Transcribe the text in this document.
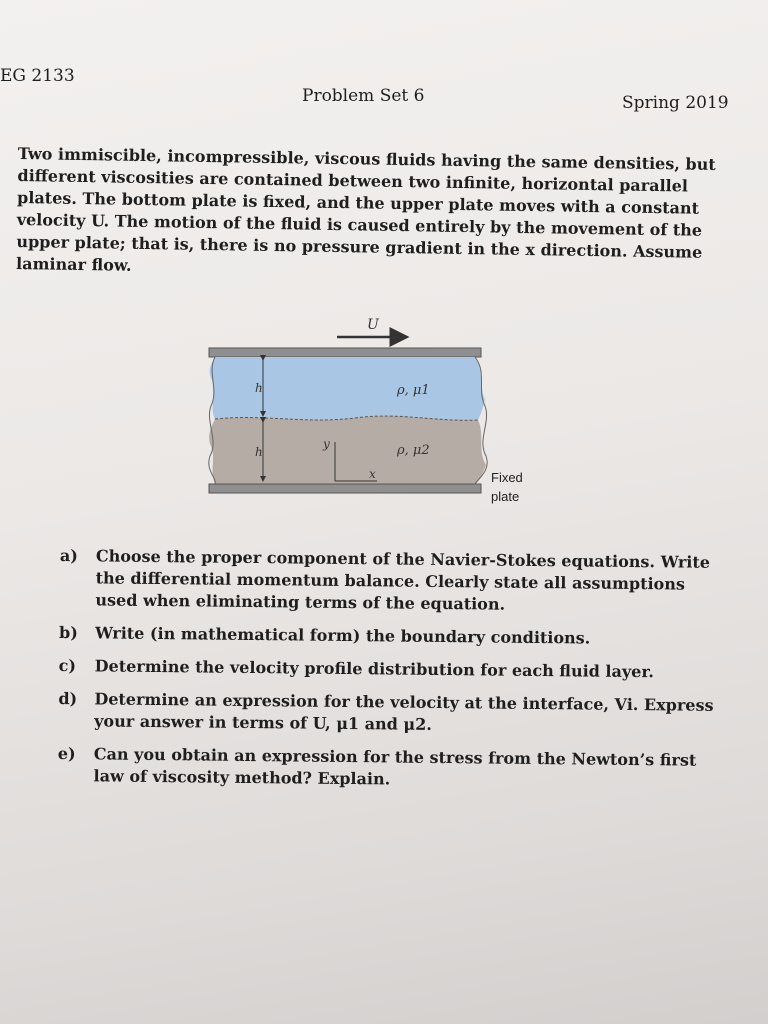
EG 2133
Problem Set 6	Spring 2019

Two immiscible, incompressible, viscous fluids having the same densities, but different viscosities are contained between two infinite, horizontal parallel plates. The bottom plate is fixed, and the upper plate moves with a constant velocity U. The motion of the fluid is caused entirely by the movement of the upper plate; that is, there is no pressure gradient in the x direction. Assume laminar flow.

U
h
h
ρ, μ1
ρ, μ2
y
x	Fixed
plate
a) Choose the proper component of the Navier-Stokes equations. Write the differential momentum balance. Clearly state all assumptions used when eliminating terms of the equation.
b) Write (in mathematical form) the boundary conditions.
c) Determine the velocity profile distribution for each fluid layer.
d) Determine an expression for the velocity at the interface, Vi. Express your answer in terms of U, μ1 and μ2.
e) Can you obtain an expression for the stress from the Newton’s first law of viscosity method? Explain.
